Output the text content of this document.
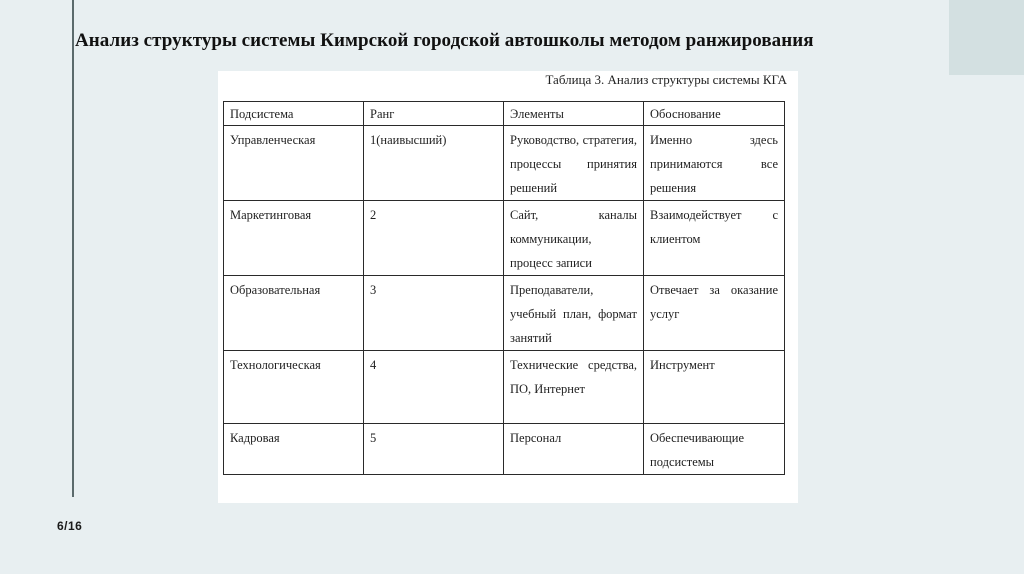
Анализ структуры системы Кимрской городской автошколы методом ранжирования
Таблица 3. Анализ структуры системы КГА
Подсистема	Ранг	Элементы	Обоснование
Управленческая	1(наивысший)	Руководство, стратегия, процессы принятия решений	Именно здесь принимаются все решения
Маркетинговая	2	Сайт, каналы коммуникации, процесс записи	Взаимодействует с клиентом
Образовательная	3	Преподаватели, учебный план, формат занятий	Отвечает за оказание услуг
Технологическая	4	Технические средства, ПО, Интернет	Инструмент
Кадровая	5	Персонал	Обеспечивающие подсистемы
6/16
